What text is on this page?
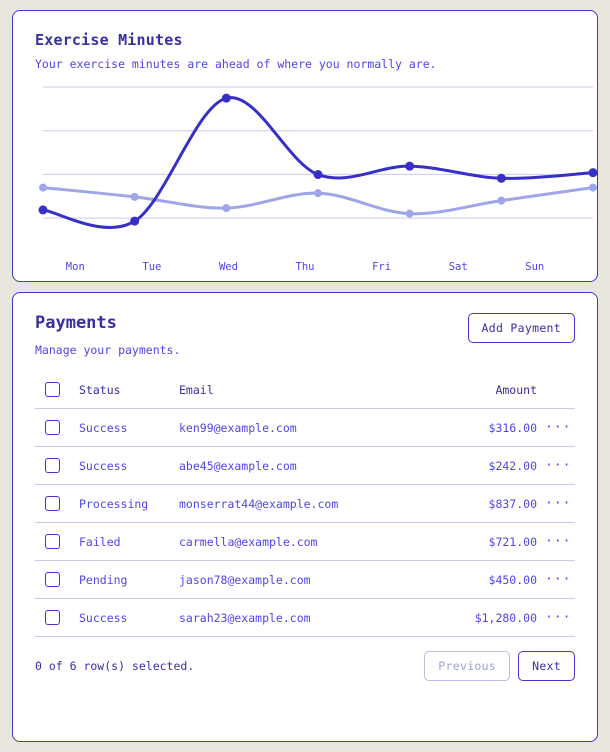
Exercise Minutes

Your exercise minutes are ahead of where you normally are.

Mon	Tue	Wed	Thu	Fri	Sat	Sun
Payments

Manage your payments.

Add Payment
	Status	Email	Amount	
	Success	ken99@example.com	$316.00	···
	Success	abe45@example.com	$242.00	···
	Processing	monserrat44@example.com	$837.00	···
	Failed	carmella@example.com	$721.00	···
	Pending	jason78@example.com	$450.00	···
	Success	sarah23@example.com	$1,280.00	···
0 of 6 row(s) selected.	Previous	Next
